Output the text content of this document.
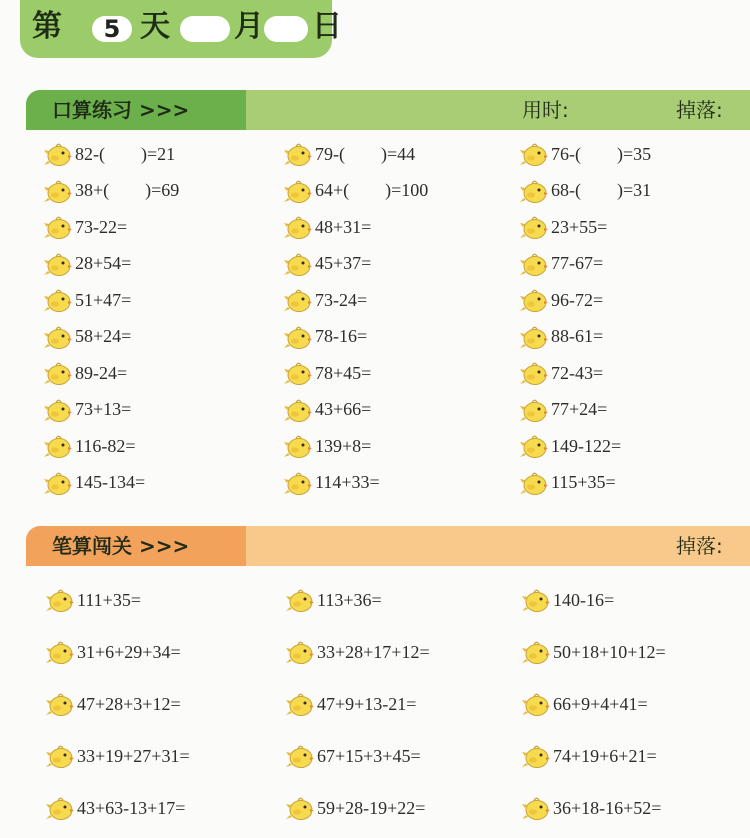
第	5 天 月 日
口算练习 >>>	用时:	掉落:
82-(        )=21
38+(        )=69
73-22=
28+54=
51+47=
58+24=
89-24=
73+13=
116-82=
145-134=
79-(        )=44
64+(        )=100
48+31=
45+37=
73-24=
78-16=
78+45=
43+66=
139+8=
114+33=
76-(        )=35
68-(        )=31
23+55=
77-67=
96-72=
88-61=
72-43=
77+24=
149-122=
115+35=
笔算闯关 >>>	掉落:
111+35=
31+6+29+34=
47+28+3+12=
33+19+27+31=
43+63-13+17=
113+36=
33+28+17+12=
47+9+13-21=
67+15+3+45=
59+28-19+22=
140-16=
50+18+10+12=
66+9+4+41=
74+19+6+21=
36+18-16+52=
